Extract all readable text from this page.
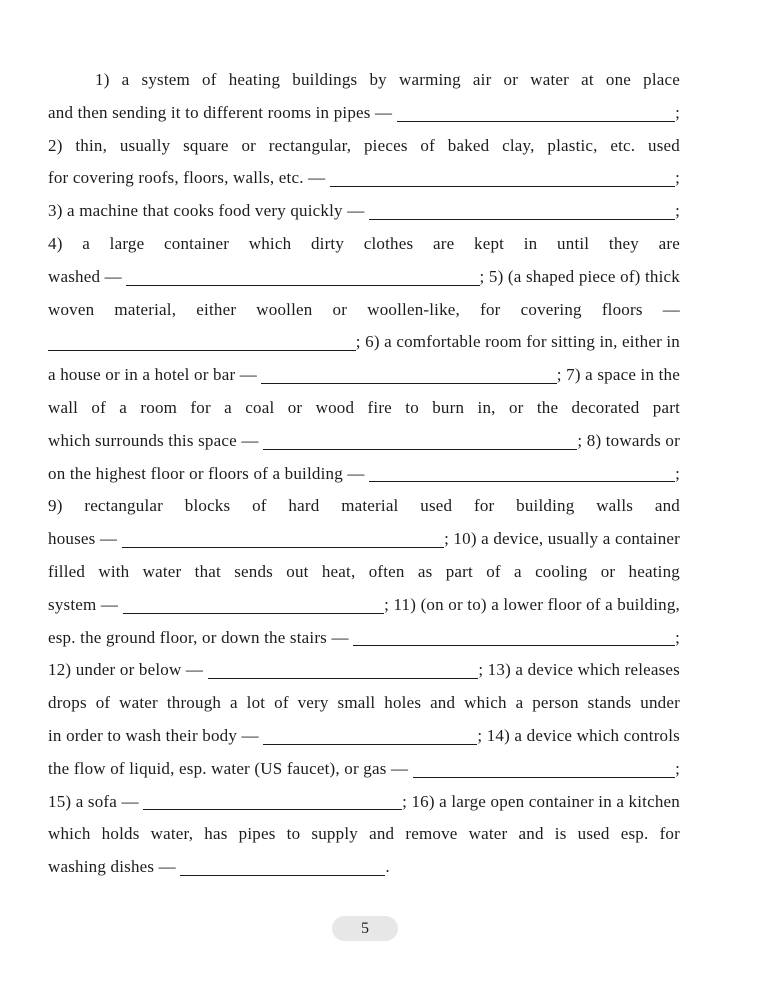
1) a system of heating buildings by warming air or water at one place
and then sending it to different rooms in pipes —	;
2) thin, usually square or rectangular, pieces of baked clay, plastic, etc. used
for covering roofs, floors, walls, etc. —	;
3) a machine that cooks food very quickly —	;
4) a large container which dirty clothes are kept in until they are
washed —	; 5) (a shaped piece of) thick
woven material, either woollen or woollen-like, for covering floors —
; 6) a comfortable room for sitting in, either in
a house or in a hotel or bar —	; 7) a space in the
wall of a room for a coal or wood fire to burn in, or the decorated part
which surrounds this space —	; 8) towards or
on the highest floor or floors of a building —	;
9) rectangular blocks of hard material used for building walls and
houses —	; 10) a device, usually a container
filled with water that sends out heat, often as part of a cooling or heating
system —	; 11) (on or to) a lower floor of a building,
esp. the ground floor, or down the stairs —	;
12) under or below —	; 13) a device which releases
drops of water through a lot of very small holes and which a person stands under
in order to wash their body —	; 14) a device which controls
the flow of liquid, esp. water (US faucet), or gas —	;
15) a sofa —	; 16) a large open container in a kitchen
which holds water, has pipes to supply and remove water and is used esp. for
washing dishes —	.
5
